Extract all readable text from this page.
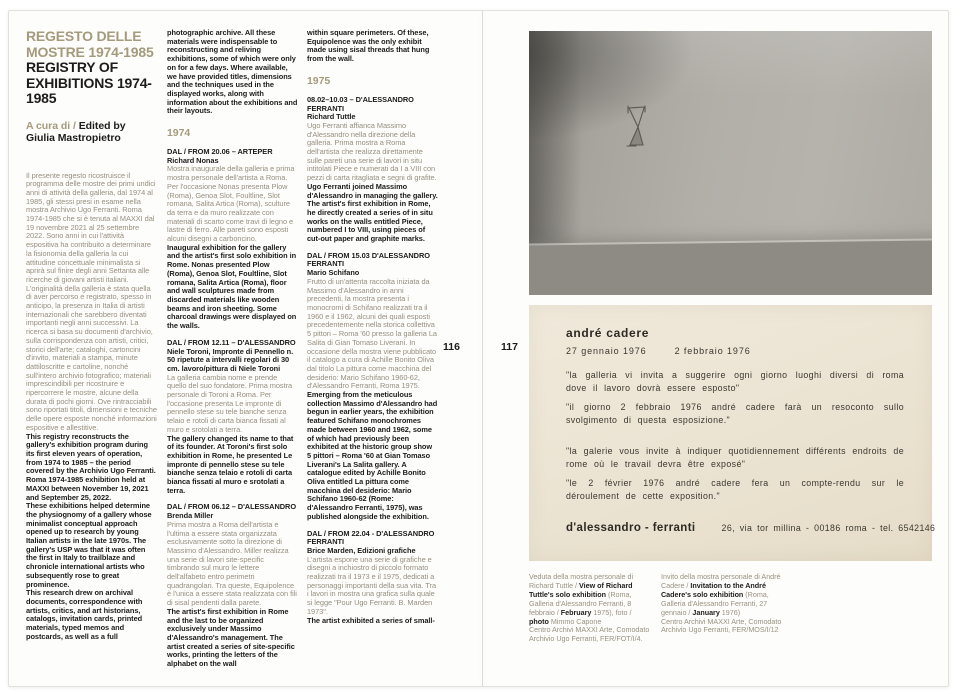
REGESTO DELLE MOSTRE 1974-1985
REGISTRY OF EXHIBITIONS 1974-1985
A cura di / Edited by
Giulia Mastropietro
Il presente regesto ricostruisce il programma delle mostre dei primi undici anni di attività della galleria, dal 1974 al 1985, gli stessi presi in esame nella mostra Archivio Ugo Ferranti. Roma 1974-1985 che si è tenuta al MAXXI dal 19 novembre 2021 al 25 settembre 2022. Sono anni in cui l'attività espositiva ha contribuito a determinare la fisionomia della galleria la cui attitudine concettuale minimalista si aprirà sul finire degli anni Settanta alle ricerche di giovani artisti italiani. L'originalità della galleria è stata quella di aver percorso e registrato, spesso in anticipo, la presenza in Italia di artisti internazionali che sarebbero diventati importanti negli anni successivi. La ricerca si basa su documenti d'archivio, sulla corrispondenza con artisti, critici, storici dell'arte; cataloghi, cartoncini d'invito, materiali a stampa, minute dattiloscritte e cartoline, nonché sull'intero archivio fotografico; materiali imprescindibili per ricostruire e ripercorrere le mostre, alcune della durata di pochi giorni. Ove rintracciabili sono riportati titoli, dimensioni e tecniche delle opere esposte nonché informazioni espositive e allestitive.
This registry reconstructs the gallery's exhibition program during its first eleven years of operation, from 1974 to 1985 – the period covered by the Archivio Ugo Ferranti. Roma 1974-1985 exhibition held at MAXXI between November 19, 2021 and September 25, 2022.
These exhibitions helped determine the physiognomy of a gallery whose minimalist conceptual approach opened up to research by young Italian artists in the late 1970s. The gallery's USP was that it was often the first in Italy to trailblaze and chronicle international artists who subsequently rose to great prominence.
This research drew on archival documents, correspondence with artists, critics, and art historians, catalogs, invitation cards, printed materials, typed memos and postcards, as well as a full
photographic archive. All these materials were indispensable to reconstructing and reliving exhibitions, some of which were only on for a few days. Where available, we have provided titles, dimensions and the techniques used in the displayed works, along with information about the exhibitions and their layouts.
1974
DAL / FROM 20.06 – ARTEPER
Richard Nonas
Mostra inaugurale della galleria e prima mostra personale dell'artista a Roma. Per l'occasione Nonas presenta Plow (Roma), Genoa Slot, Foultline, Slot romana, Salita Artica (Roma), sculture da terra e da muro realizzate con materiali di scarto come travi di legno e lastre di ferro. Alle pareti sono esposti alcuni disegni a carboncino.
Inaugural exhibition for the gallery and the artist's first solo exhibition in Rome. Nonas presented Plow (Roma), Genoa Slot, Foultline, Slot romana, Salita Artica (Roma), floor and wall sculptures made from discarded materials like wooden beams and iron sheeting. Some charcoal drawings were displayed on the walls.
DAL / FROM 12.11 – D'ALESSANDRO
Niele Toroni, Impronte di Pennello n. 50 ripetute a intervalli regolari di 30 cm. lavoro/pittura di Niele Toroni
La galleria cambia nome e prende quello del suo fondatore. Prima mostra personale di Toroni a Roma. Per l'occasione presenta Le impronte di pennello stese su tele bianche senza telaio e rotoli di carta bianca fissati al muro e srotolati a terra.
The gallery changed its name to that of its founder. At Toroni's first solo exhibition in Rome, he presented Le impronte di pennello stese su tele bianche senza telaio e rotoli di carta bianca fissati al muro e srotolati a terra.
DAL / FROM 06.12 – D'ALESSANDRO
Brenda Miller
Prima mostra a Roma dell'artista e l'ultima a essere stata organizzata esclusivamente sotto la direzione di Massimo d'Alessandro. Miller realizza una serie di lavori site-specific timbrando sul muro le lettere dell'alfabeto entro perimetri quadrangolari. Tra queste, Equipolence è l'unica a essere stata realizzata con fili di sisal pendenti dalla parete.
The artist's first exhibition in Rome and the last to be organized exclusively under Massimo d'Alessandro's management. The artist created a series of site-specific works, printing the letters of the alphabet on the wall
within square perimeters. Of these, Equipolence was the only exhibit made using sisal threads that hung from the wall.
1975
08.02–10.03 – D'ALESSANDRO FERRANTI
Richard Tuttle
Ugo Ferranti affianca Massimo d'Alessandro nella direzione della galleria. Prima mostra a Roma dell'artista che realizza direttamente sulle pareti una serie di lavori in situ intitolati Piece e numerati da I a VIII con pezzi di carta ritagliata e segni di grafite.
Ugo Ferranti joined Massimo d'Alessandro in managing the gallery. The artist's first exhibition in Rome, he directly created a series of in situ works on the walls entitled Piece, numbered I to VIII, using pieces of cut-out paper and graphite marks.
DAL / FROM 15.03 D'ALESSANDRO FERRANTI
Mario Schifano
Frutto di un'attenta raccolta iniziata da Massimo d'Alessandro in anni precedenti, la mostra presenta i monocromi di Schifano realizzati tra il 1960 e il 1962, alcuni dei quali esposti precedentemente nella storica collettiva 5 pittori – Roma '60 presso la galleria La Salita di Gian Tomaso Liverani. In occasione della mostra viene pubblicato il catalogo a cura di Achille Bonito Oliva dal titolo La pittura come macchina del desiderio: Mario Schifano 1960-62, d'Alessandro Ferranti, Roma 1975.
Emerging from the meticulous collection Massimo d'Alessandro had begun in earlier years, the exhibition featured Schifano monochromes made between 1960 and 1962, some of which had previously been exhibited at the historic group show 5 pittori – Roma '60 at Gian Tomaso Liverani's La Salita gallery. A catalogue edited by Achille Bonito Oliva entitled La pittura come macchina del desiderio: Mario Schifano 1960-62 (Rome: d'Alessandro Ferranti, 1975), was published alongside the exhibition.
DAL / FROM 22.04 - D'ALESSANDRO FERRANTI
Brice Marden, Edizioni grafiche
L'artista espone una serie di grafiche e disegni a inchiostro di piccolo formato realizzati tra il 1973 e il 1975, dedicati a personaggi importanti della sua vita. Tra i lavori in mostra una grafica sulla quale si legge "Pour Ugo Ferranti. B. Marden 1973".
The artist exhibited a series of small-
116	117
andré cadere
27 gennaio 1976	2 febbraio 1976

"la galleria vi invita a suggerire ogni giorno luoghi diversi di roma dove il lavoro dovrà essere esposto"

"il giorno 2 febbraio 1976 andré cadere farà un resoconto sullo svolgimento di questa esposizione."

"la galerie vous invite à indiquer quotidiennement différents endroits de rome où le travail devra être exposé"

"le 2 février 1976 andré cadere fera un compte-rendu sur le déroulement de cette exposition."

d'alessandro - ferranti	26, via tor millina - 00186 roma - tel. 6542146
Veduta della mostra personale di Richard Tuttle / View of Richard Tuttle's solo exhibition (Roma, Galleria d'Alessandro Ferranti, 8 febbraio / February 1975), foto / photo Mimmo Capone
Centro Archivi MAXXI Arte, Comodato Archivio Ugo Ferranti, FER/FOT/I/4.
Invito della mostra personale di André Cadere / Invitation to the André Cadere's solo exhibition (Roma, Galleria d'Alessandro Ferranti, 27 gennaio / January 1976)
Centro Archivi MAXXI Arte, Comodato Archivio Ugo Ferranti, FER/MOS/I/12
